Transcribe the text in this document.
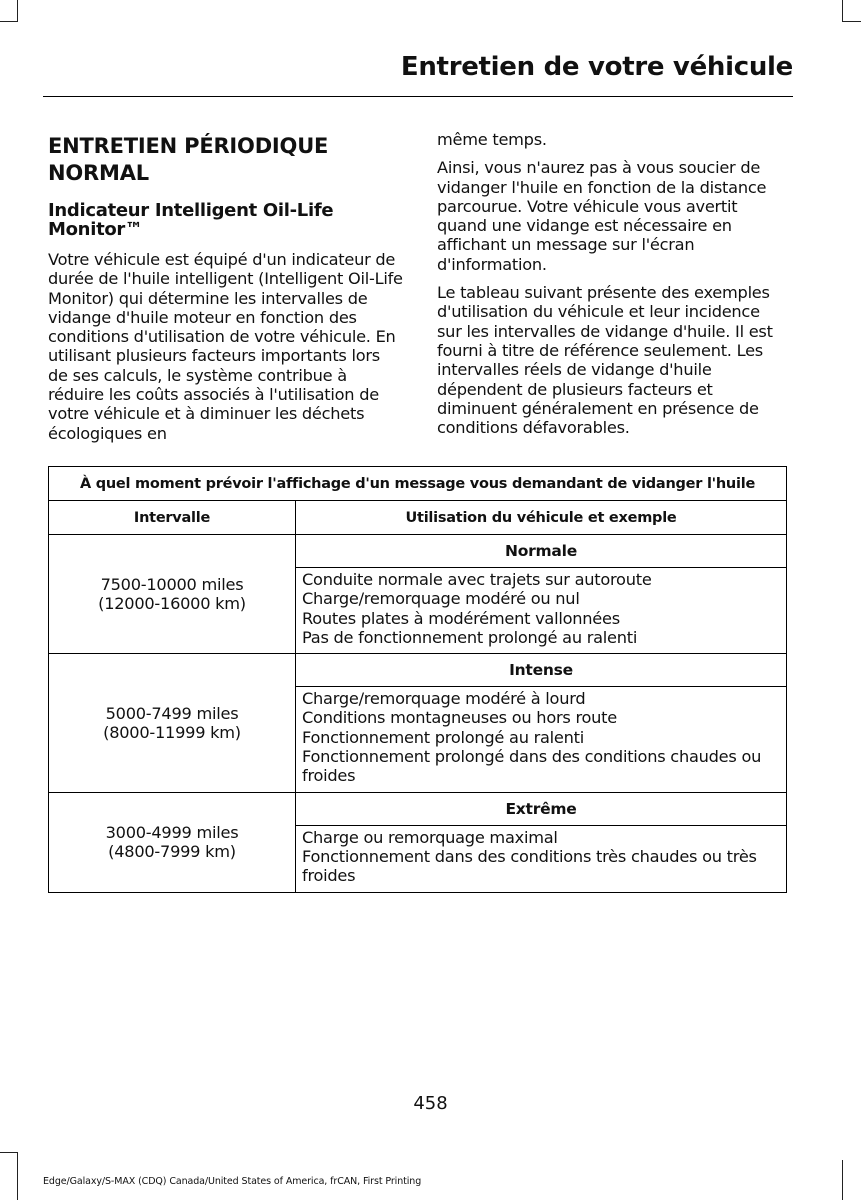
Entretien de votre véhicule
ENTRETIEN PÉRIODIQUE NORMAL
Indicateur Intelligent Oil-Life Monitor™

Votre véhicule est équipé d'un indicateur de durée de l'huile intelligent (Intelligent Oil-Life Monitor) qui détermine les intervalles de vidange d'huile moteur en fonction des conditions d'utilisation de votre véhicule. En utilisant plusieurs facteurs importants lors de ses calculs, le système contribue à réduire les coûts associés à l'utilisation de votre véhicule et à diminuer les déchets écologiques en

même temps.

Ainsi, vous n'aurez pas à vous soucier de vidanger l'huile en fonction de la distance parcourue. Votre véhicule vous avertit quand une vidange est nécessaire en affichant un message sur l'écran d'information.

Le tableau suivant présente des exemples d'utilisation du véhicule et leur incidence sur les intervalles de vidange d'huile. Il est fourni à titre de référence seulement. Les intervalles réels de vidange d'huile dépendent de plusieurs facteurs et diminuent généralement en présence de conditions défavorables.

À quel moment prévoir l'affichage d'un message vous demandant de vidanger l'huile	
Intervalle	Utilisation du véhicule et exemple

7500-10000 miles
(12000-16000 km)	Normale

	Conduite normale avec trajets sur autoroute
Charge/remorquage modéré ou nul
Routes plates à modérément vallonnées
Pas de fonctionnement prolongé au ralenti

5000-7499 miles
(8000-11999 km)	Intense

	Charge/remorquage modéré à lourd
Conditions montagneuses ou hors route
Fonctionnement prolongé au ralenti
Fonctionnement prolongé dans des conditions chaudes ou froides

3000-4999 miles
(4800-7999 km)	Extrême

	Charge ou remorquage maximal
Fonctionnement dans des conditions très chaudes ou très froides
458
Edge/Galaxy/S-MAX (CDQ) Canada/United States of America, frCAN, First Printing
